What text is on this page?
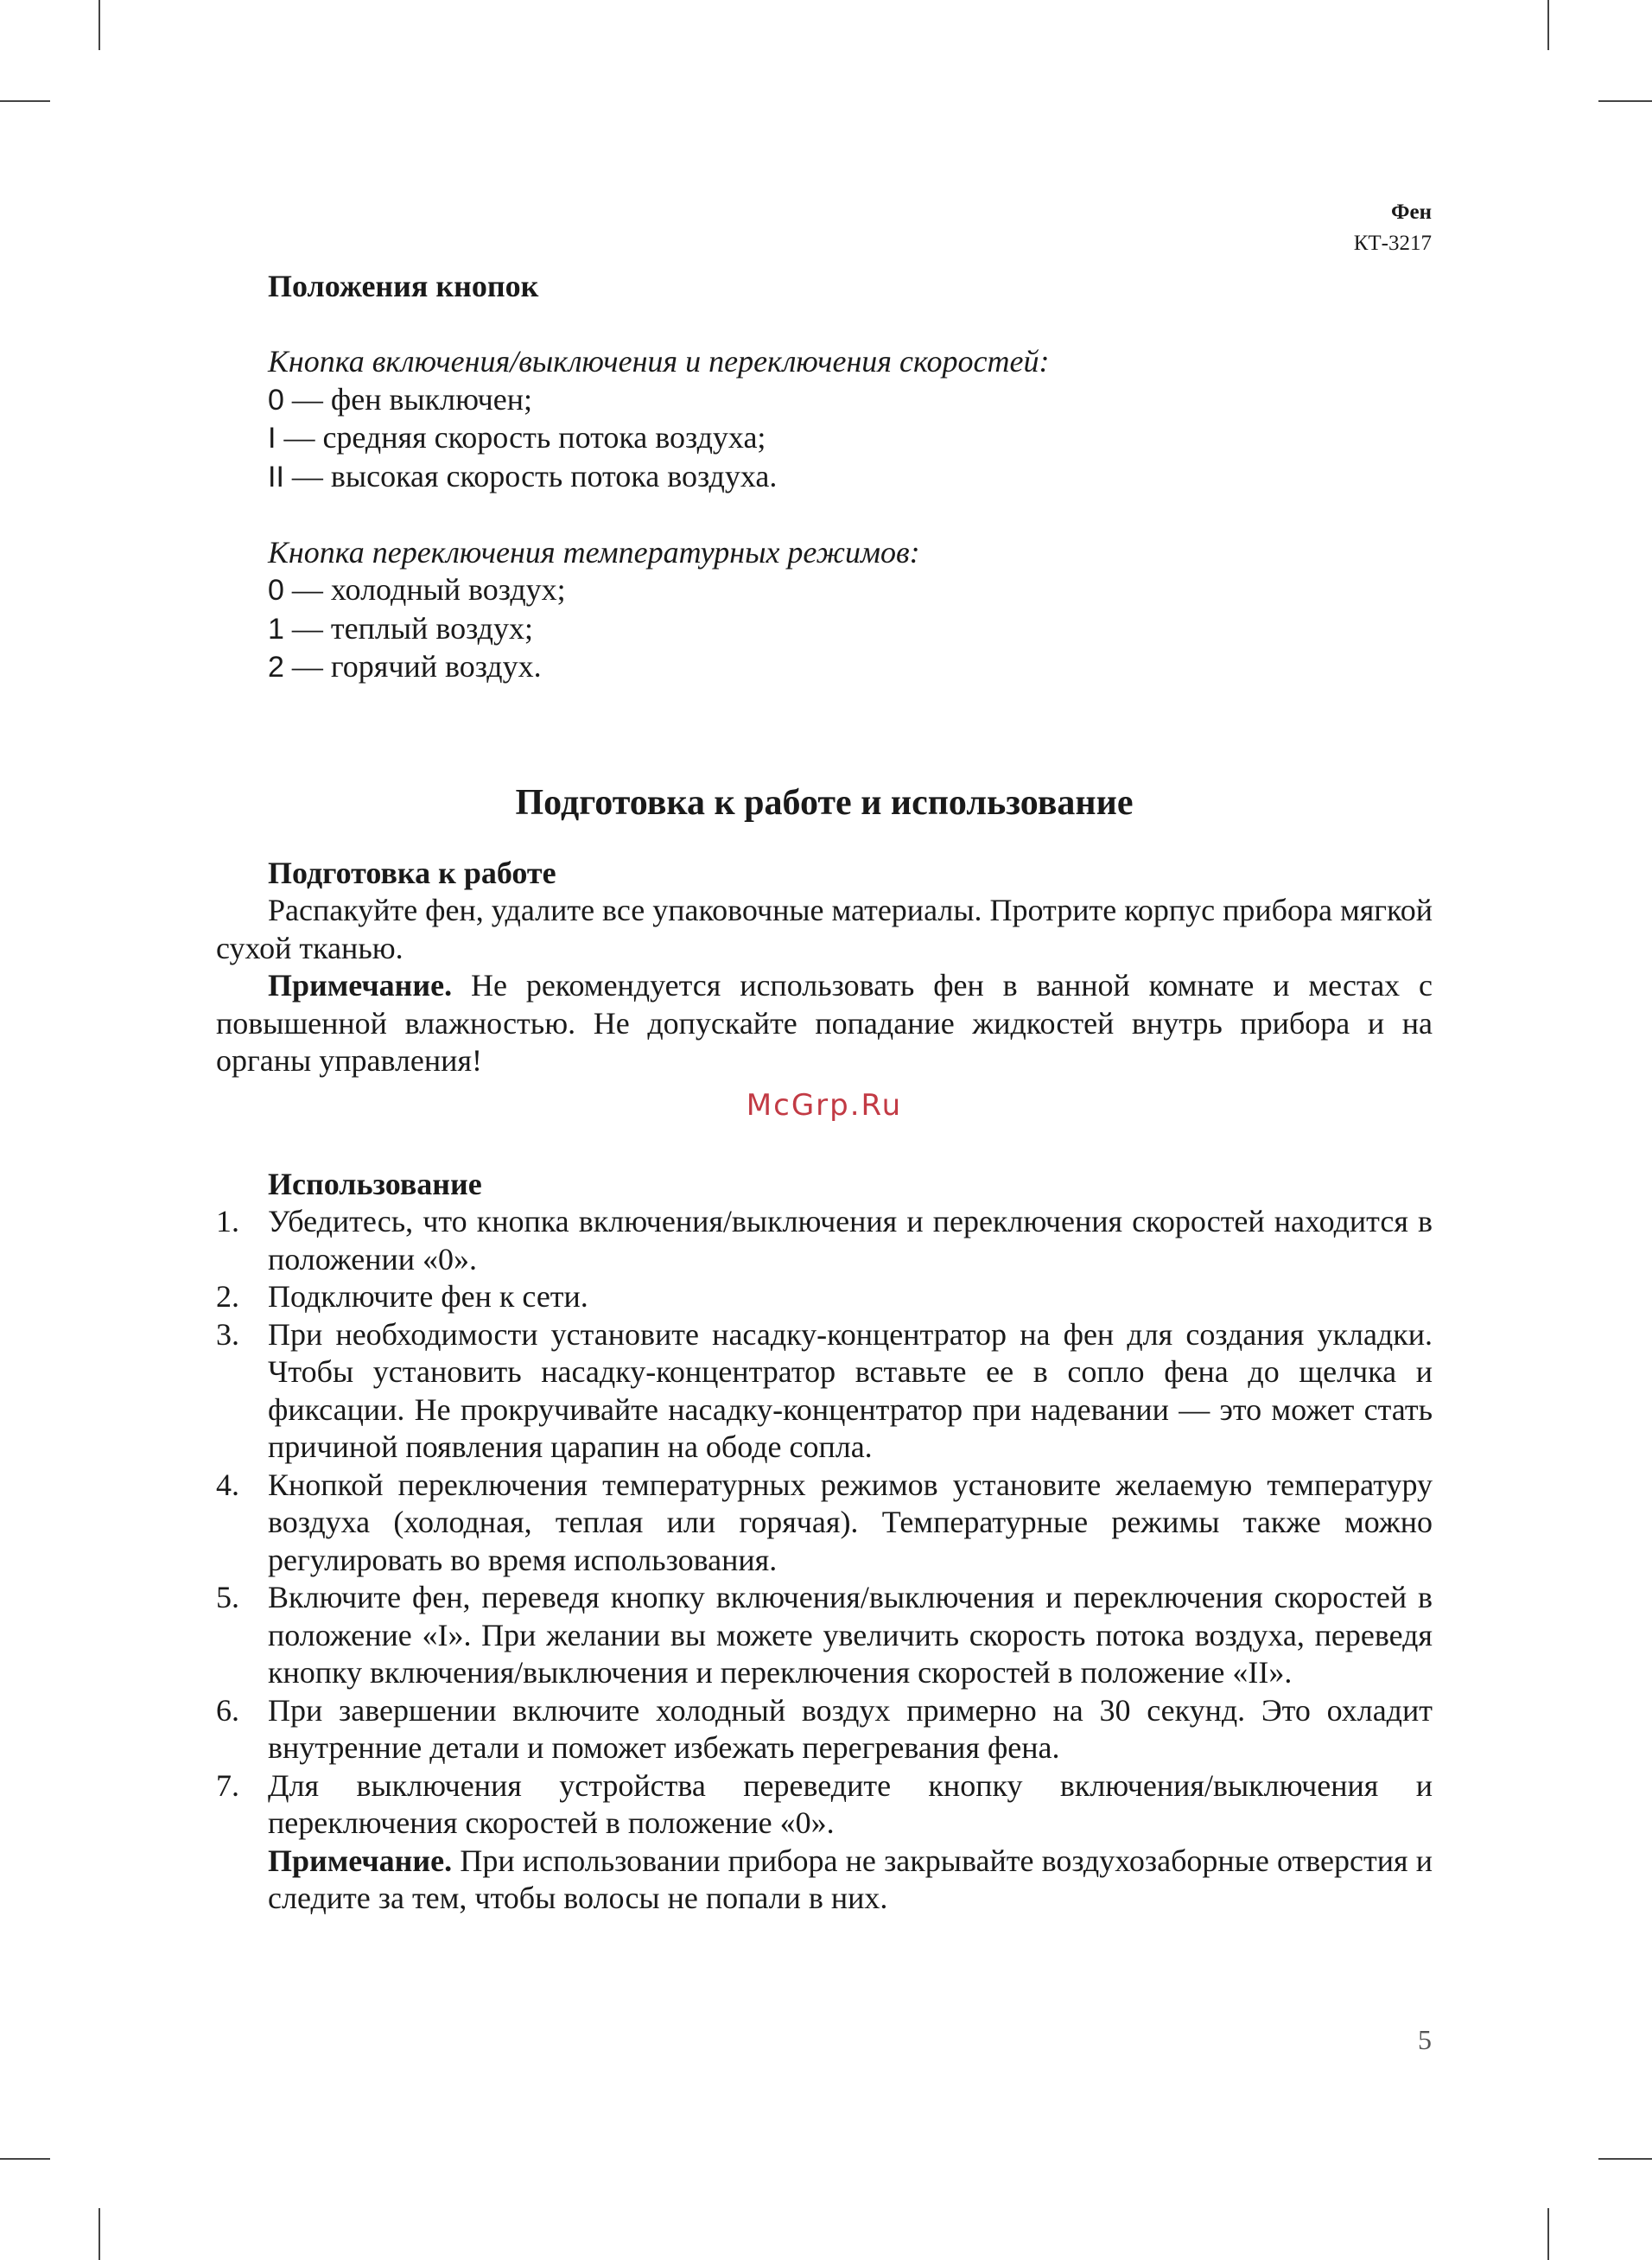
Фен
КТ-3217
Положения кнопок
Кнопка включения/выключения и переключения скоростей:
0 — фен выключен;
I — средняя скорость потока воздуха;
II — высокая скорость потока воздуха.
Кнопка переключения температурных режимов:
0 — холодный воздух;
1 — теплый воздух;
2 — горячий воздух.
Подготовка к работе и использование
Подготовка к работе

Распакуйте фен, удалите все упаковочные материалы. Протрите корпус прибора мягкой сухой тканью.

Примечание. Не рекомендуется использовать фен в ванной комнате и местах с повышенной влажностью. Не допускайте попадание жидкостей внутрь прибора и на органы управления!

McGrp.Ru
Использование
1. Убедитесь, что кнопка включения/выключения и переключения скоростей находится в положении «0».
2. Подключите фен к сети.
3. При необходимости установите насадку-концентратор на фен для создания укладки. Чтобы установить насадку-концентратор вставьте ее в сопло фена до щелчка и фиксации. Не прокручивайте насадку-концентратор при надевании — это может стать причиной появления царапин на ободе сопла.
4. Кнопкой переключения температурных режимов установите желаемую температуру воздуха (холодная, теплая или горячая). Температурные режимы также можно регулировать во время использования.
5. Включите фен, переведя кнопку включения/выключения и переключения скоростей в положение «I». При желании вы можете увеличить скорость потока воздуха, переведя кнопку включения/выключения и переключения скоростей в положение «II».
6. При завершении включите холодный воздух примерно на 30 секунд. Это охладит внутренние детали и поможет избежать перегревания фена.
7. Для выключения устройства переведите кнопку включения/выключения и переключения скоростей в положение «0».
Примечание. При использовании прибора не закрывайте воздухозаборные отверстия и следите за тем, чтобы волосы не попали в них.
5
